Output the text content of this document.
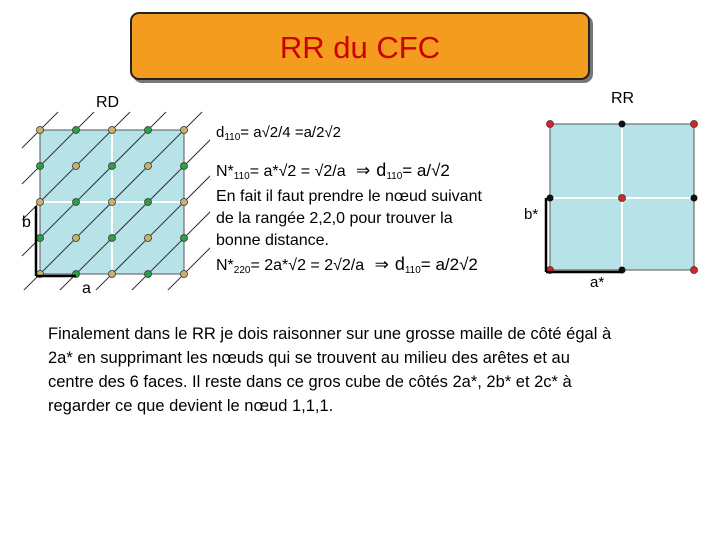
RR du CFC
RD	RR
b
a
b*
a*
$d_{110}= a√2/4 =a/2√2$
$N*_{110}= a*√2 = √2/a$ ⇒ $d_{110}= a/√2$
En fait il faut prendre le nœud suivant
de la rangée 2,2,0 pour trouver la
bonne distance.
$N*_{220}= 2a*√2 = 2√2/a$ ⇒ $d_{110}= a/2√2$
Finalement dans le RR je dois raisonner sur une grosse maille de côté égal à
2a* en supprimant les nœuds qui se trouvent au milieu des arêtes et au
centre des 6 faces. Il reste dans ce gros cube de côtés 2a*, 2b* et 2c* à
regarder ce que devient le nœud 1,1,1.
